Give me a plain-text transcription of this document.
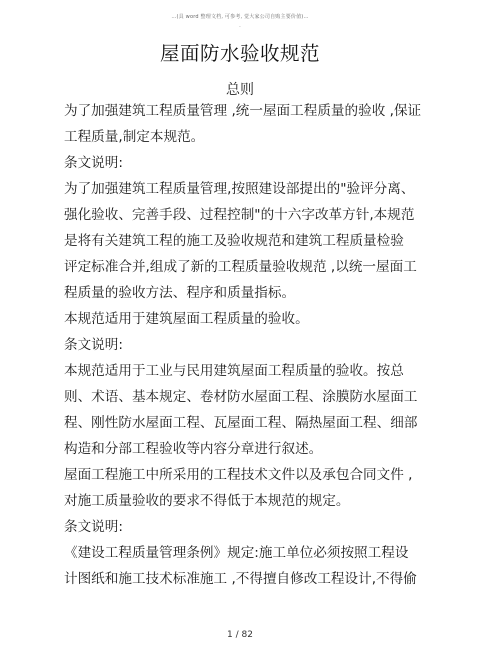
…(具 word 整理文档, 可参考, 觉大家公司自购主要价值)…
.
屋面防水验收规范
总则
为了加强建筑工程质量管理 ,统一屋面工程质量的验收 ,保证
工程质量,制定本规范。
条文说明:
为了加强建筑工程质量管理,按照建设部提出的"验评分离、
强化验收、完善手段、过程控制"的十六字改革方针,本规范
是将有关建筑工程的施工及验收规范和建筑工程质量检验
评定标准合并,组成了新的工程质量验收规范 ,以统一屋面工
程质量的验收方法、程序和质量指标。
本规范适用于建筑屋面工程质量的验收。
条文说明:
本规范适用于工业与民用建筑屋面工程质量的验收。按总
则、术语、基本规定、卷材防水屋面工程、涂膜防水屋面工
程、刚性防水屋面工程、瓦屋面工程、隔热屋面工程、细部
构造和分部工程验收等内容分章进行叙述。
屋面工程施工中所采用的工程技术文件以及承包合同文件 ,
对施工质量验收的要求不得低于本规范的规定。
条文说明:
《建设工程质量管理条例》规定:施工单位必须按照工程设
计图纸和施工技术标准施工 ,不得擅自修改工程设计,不得偷
1 / 82
